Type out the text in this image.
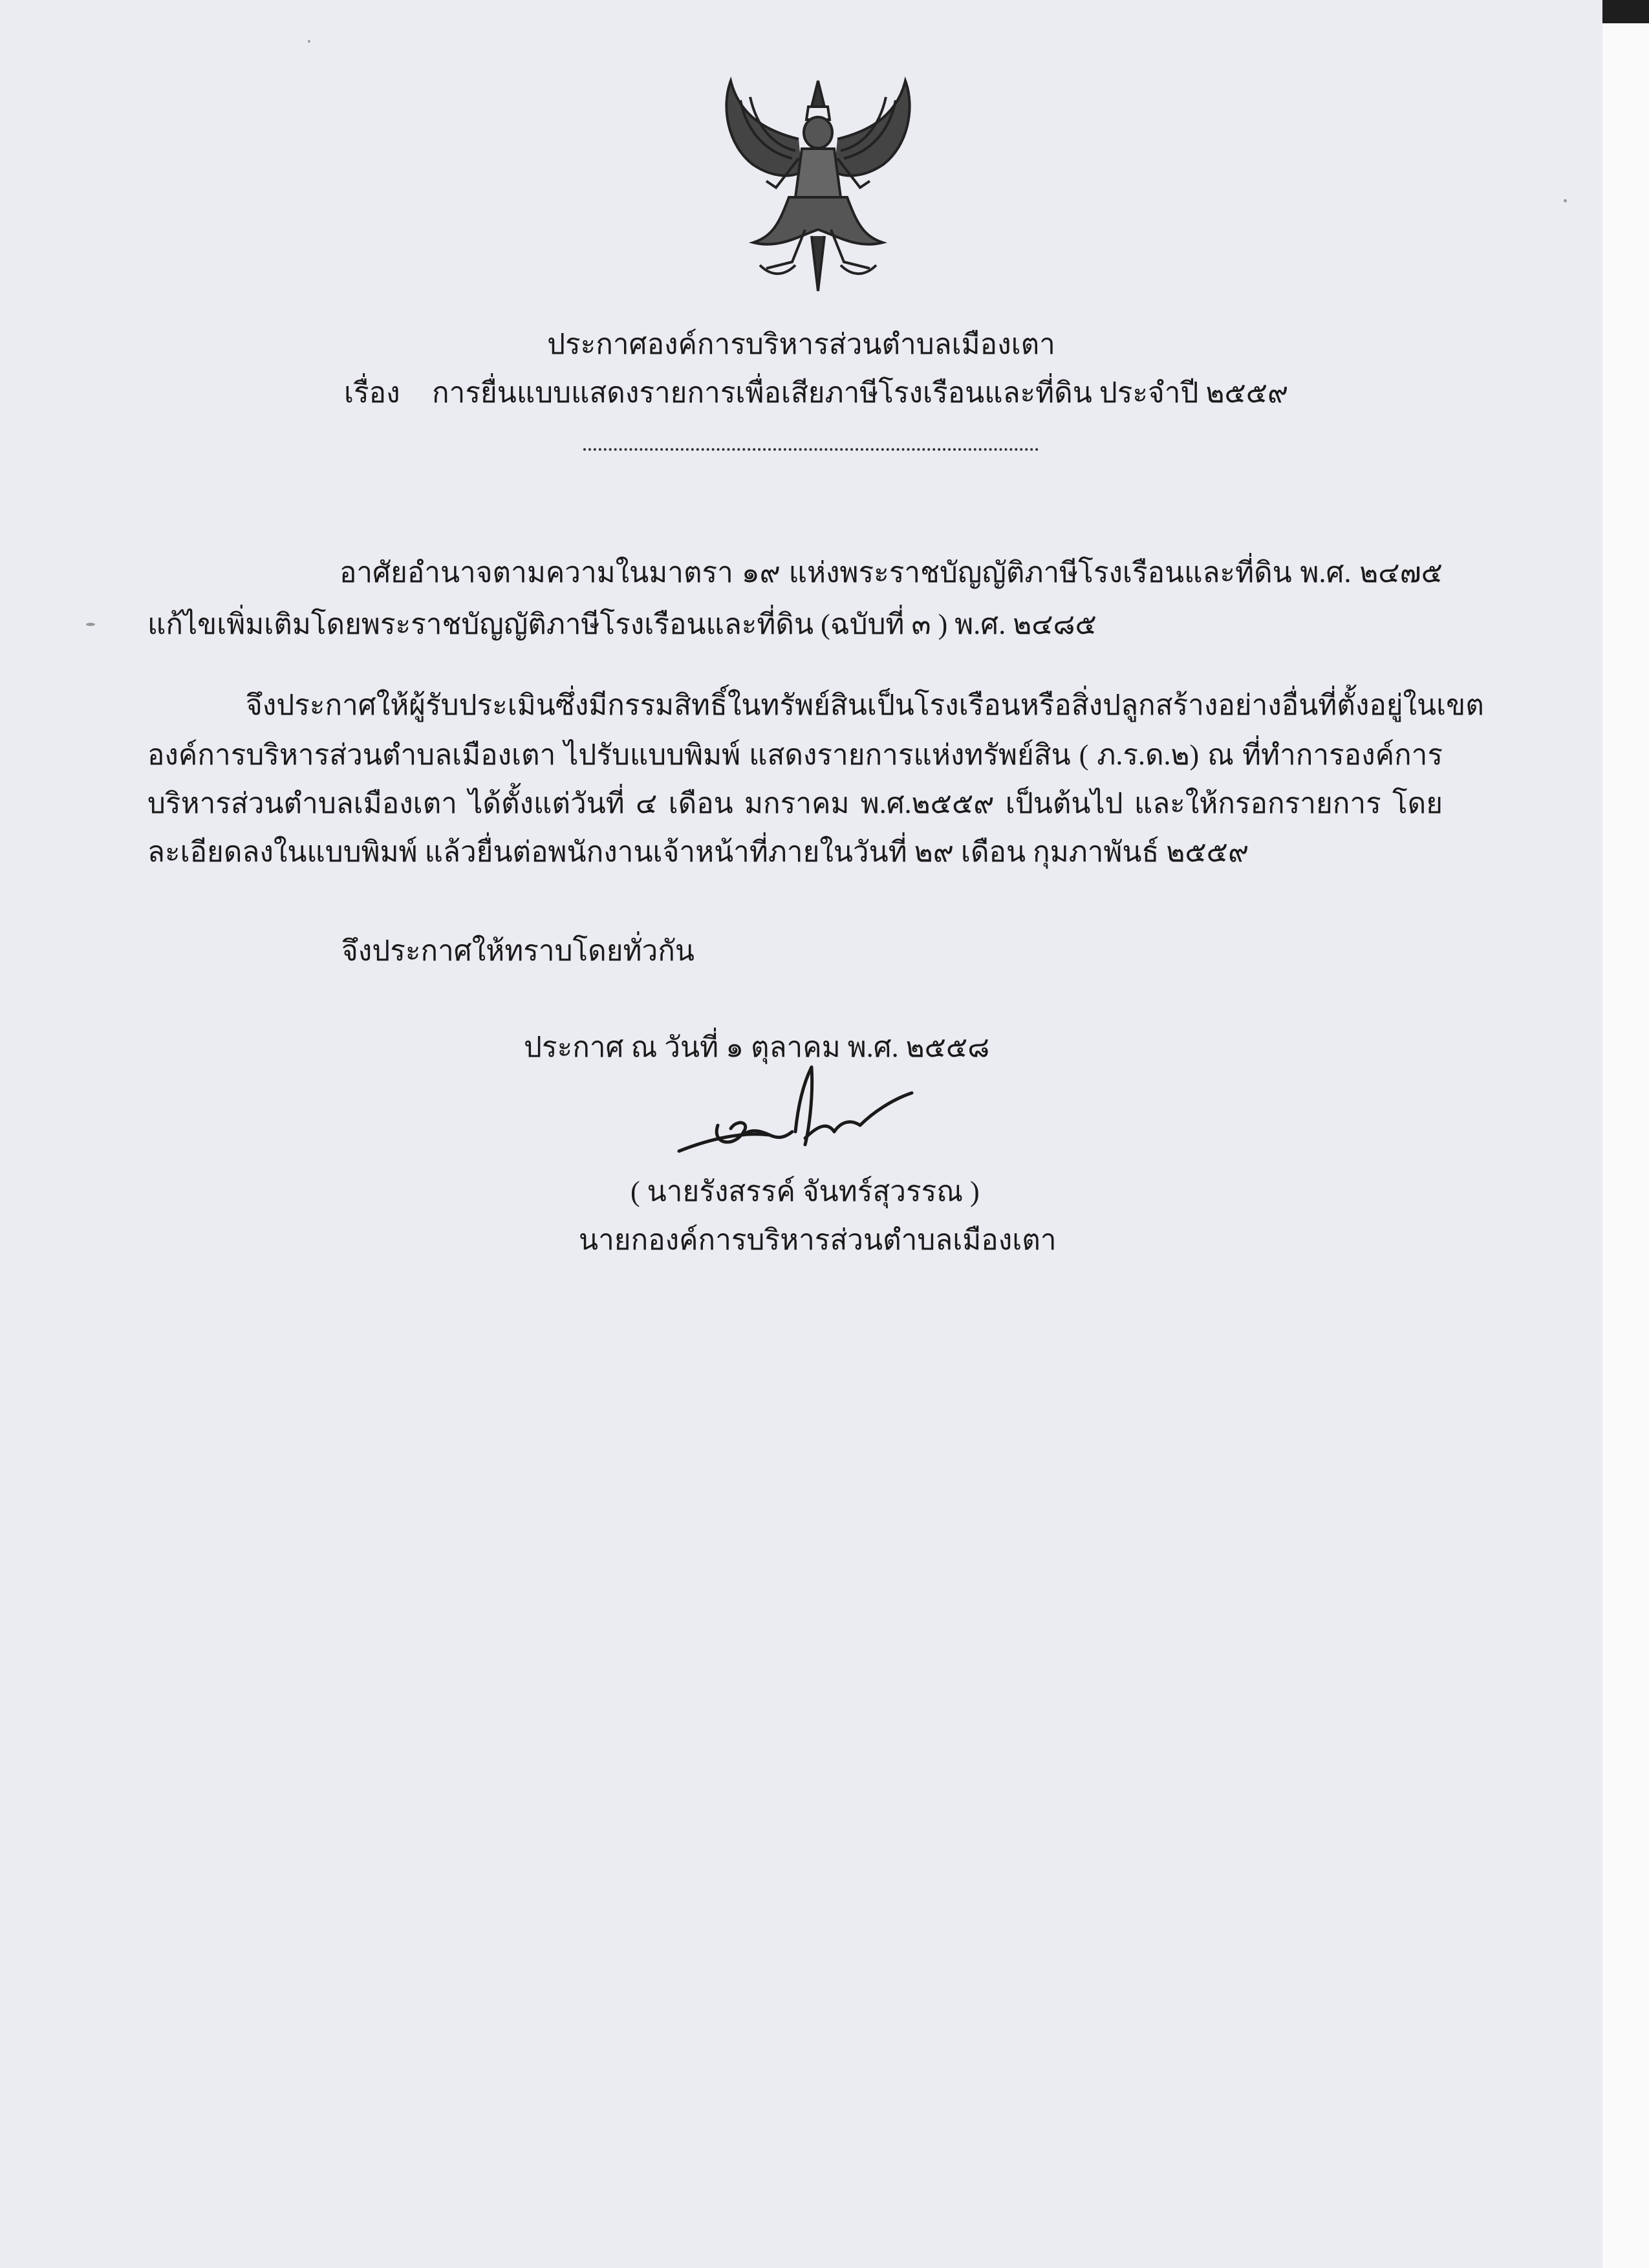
ประกาศองค์การบริหารส่วนตำบลเมืองเตา
เรื่อง การยื่นแบบแสดงรายการเพื่อเสียภาษีโรงเรือนและที่ดิน ประจำปี ๒๕๕๙
อาศัยอำนาจตามความในมาตรา ๑๙ แห่งพระราชบัญญัติภาษีโรงเรือนและที่ดิน พ.ศ. ๒๔๗๕
แก้ไขเพิ่มเติมโดยพระราชบัญญัติภาษีโรงเรือนและที่ดิน (ฉบับที่ ๓ ) พ.ศ. ๒๔๘๕
จึงประกาศให้ผู้รับประเมินซึ่งมีกรรมสิทธิ์ในทรัพย์สินเป็นโรงเรือนหรือสิ่งปลูกสร้างอย่างอื่นที่ตั้งอยู่ในเขต
องค์การบริหารส่วนตำบลเมืองเตา ไปรับแบบพิมพ์ แสดงรายการแห่งทรัพย์สิน ( ภ.ร.ด.๒) ณ ที่ทำการองค์การ
บริหารส่วนตำบลเมืองเตา ได้ตั้งแต่วันที่ ๔ เดือน มกราคม พ.ศ.๒๕๕๙ เป็นต้นไป และให้กรอกรายการ โดย
ละเอียดลงในแบบพิมพ์ แล้วยื่นต่อพนักงานเจ้าหน้าที่ภายในวันที่ ๒๙ เดือน กุมภาพันธ์ ๒๕๕๙
จึงประกาศให้ทราบโดยทั่วกัน
ประกาศ ณ วันที่ ๑ ตุลาคม พ.ศ. ๒๕๕๘
( นายรังสรรค์ จันทร์สุวรรณ )
นายกองค์การบริหารส่วนตำบลเมืองเตา
